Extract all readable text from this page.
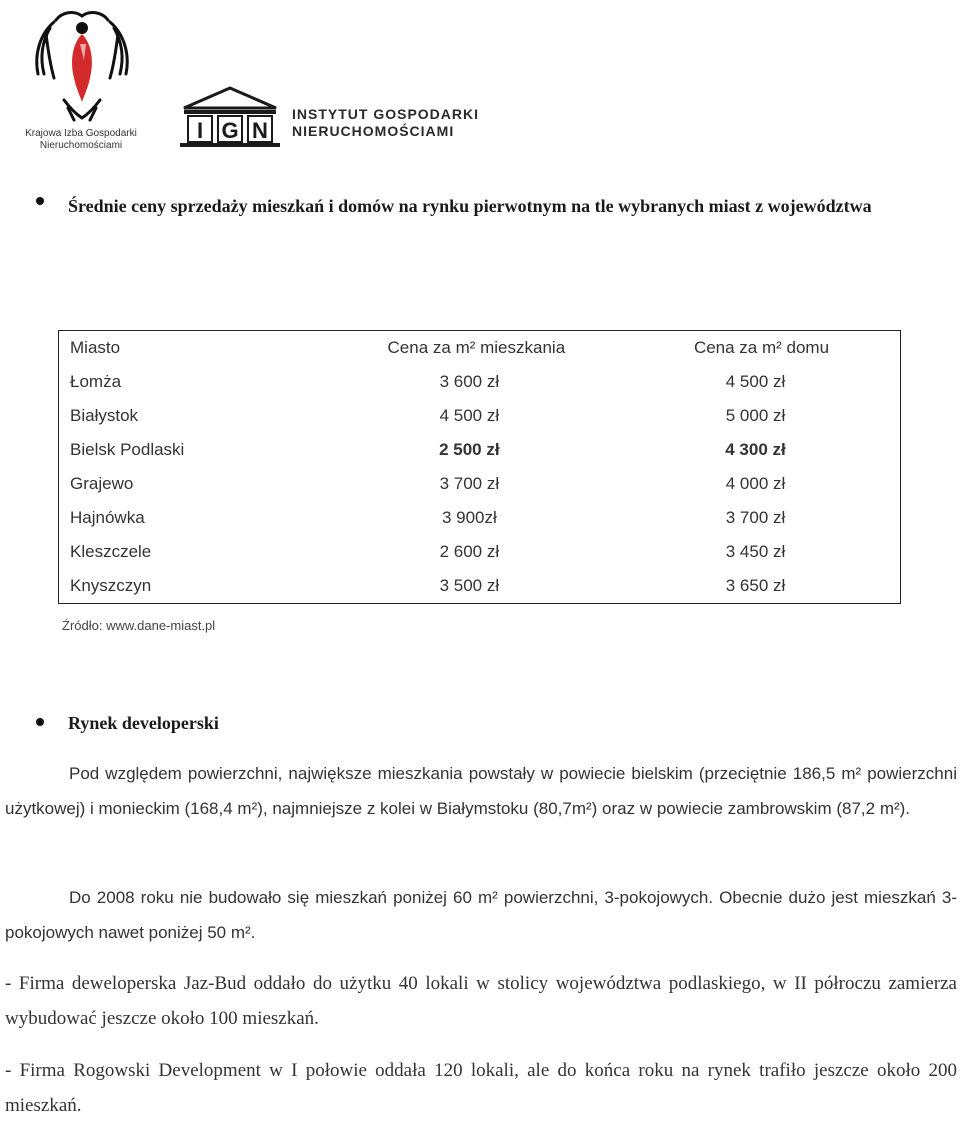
Krajowa Izba Gospodarki
Nieruchomościami
I G N
INSTYTUT GOSPODARKI
NIERUCHOMOŚCIAMI
Średnie ceny sprzedaży mieszkań i domów na rynku pierwotnym na tle wybranych miast z województwa
Miasto	Cena za m² mieszkania	Cena za m² domu
Łomża	3 600 zł	4 500 zł
Białystok	4 500 zł	5 000 zł
Bielsk Podlaski	2 500 zł	4 300 zł
Grajewo	3 700 zł	4 000 zł
Hajnówka	3 900zł	3 700 zł
Kleszczele	2 600 zł	3 450 zł
Knyszczyn	3 500 zł	3 650 zł
Źródło: www.dane-miast.pl
Rynek developerski

Pod względem powierzchni, największe mieszkania powstały w powiecie bielskim (przeciętnie 186,5 m² powierzchni użytkowej) i monieckim (168,4 m²), najmniejsze z kolei w Białymstoku (80,7m²) oraz w powiecie zambrowskim (87,2 m²).

Do 2008 roku nie budowało się mieszkań poniżej 60 m² powierzchni, 3-pokojowych. Obecnie dużo jest mieszkań 3-pokojowych nawet poniżej 50 m².

- Firma deweloperska Jaz-Bud oddało do użytku 40 lokali w stolicy województwa podlaskiego, w II półroczu zamierza wybudować jeszcze około 100 mieszkań.

- Firma Rogowski Development w I połowie oddała 120 lokali, ale do końca roku na rynek trafiło jeszcze około 200 mieszkań.
